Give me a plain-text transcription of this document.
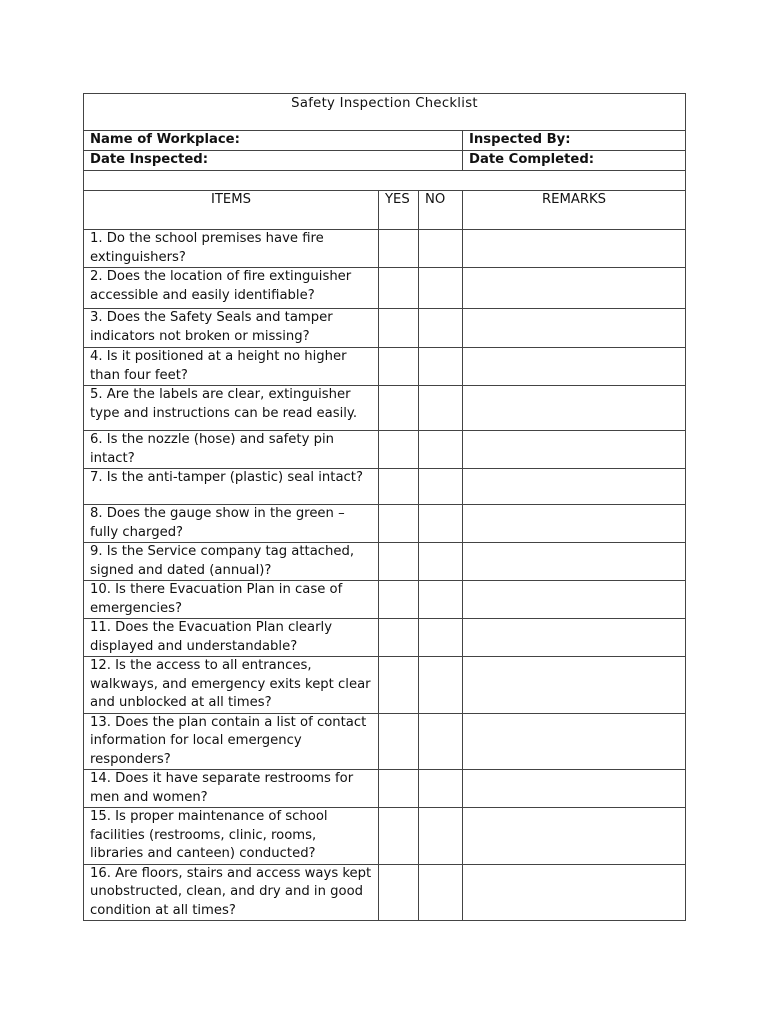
Safety Inspection Checklist			
Name of Workplace:			Inspected By:
Date Inspected:			Date Completed:

ITEMS	YES	NO	REMARKS
1. Do the school premises have fire extinguishers?			
2. Does the location of fire extinguisher accessible and easily identifiable?			
3. Does the Safety Seals and tamper indicators not broken or missing?			
4. Is it positioned at a height no higher than four feet?			
5. Are the labels are clear, extinguisher type and instructions can be read easily.			
6. Is the nozzle (hose) and safety pin intact?			
7. Is the anti-tamper (plastic) seal intact?			
8. Does the gauge show in the green – fully charged?			
9. Is the Service company tag attached, signed and dated (annual)?			
10. Is there Evacuation Plan in case of emergencies?			
11. Does the Evacuation Plan clearly displayed and understandable?			
12. Is the access to all entrances, walkways, and emergency exits kept clear and unblocked at all times?			
13. Does the plan contain a list of contact information for local emergency responders?			
14. Does it have separate restrooms for men and women?			
15. Is proper maintenance of school facilities (restrooms, clinic, rooms, libraries and canteen) conducted?			
16. Are floors, stairs and access ways kept unobstructed, clean, and dry and in good condition at all times?			
